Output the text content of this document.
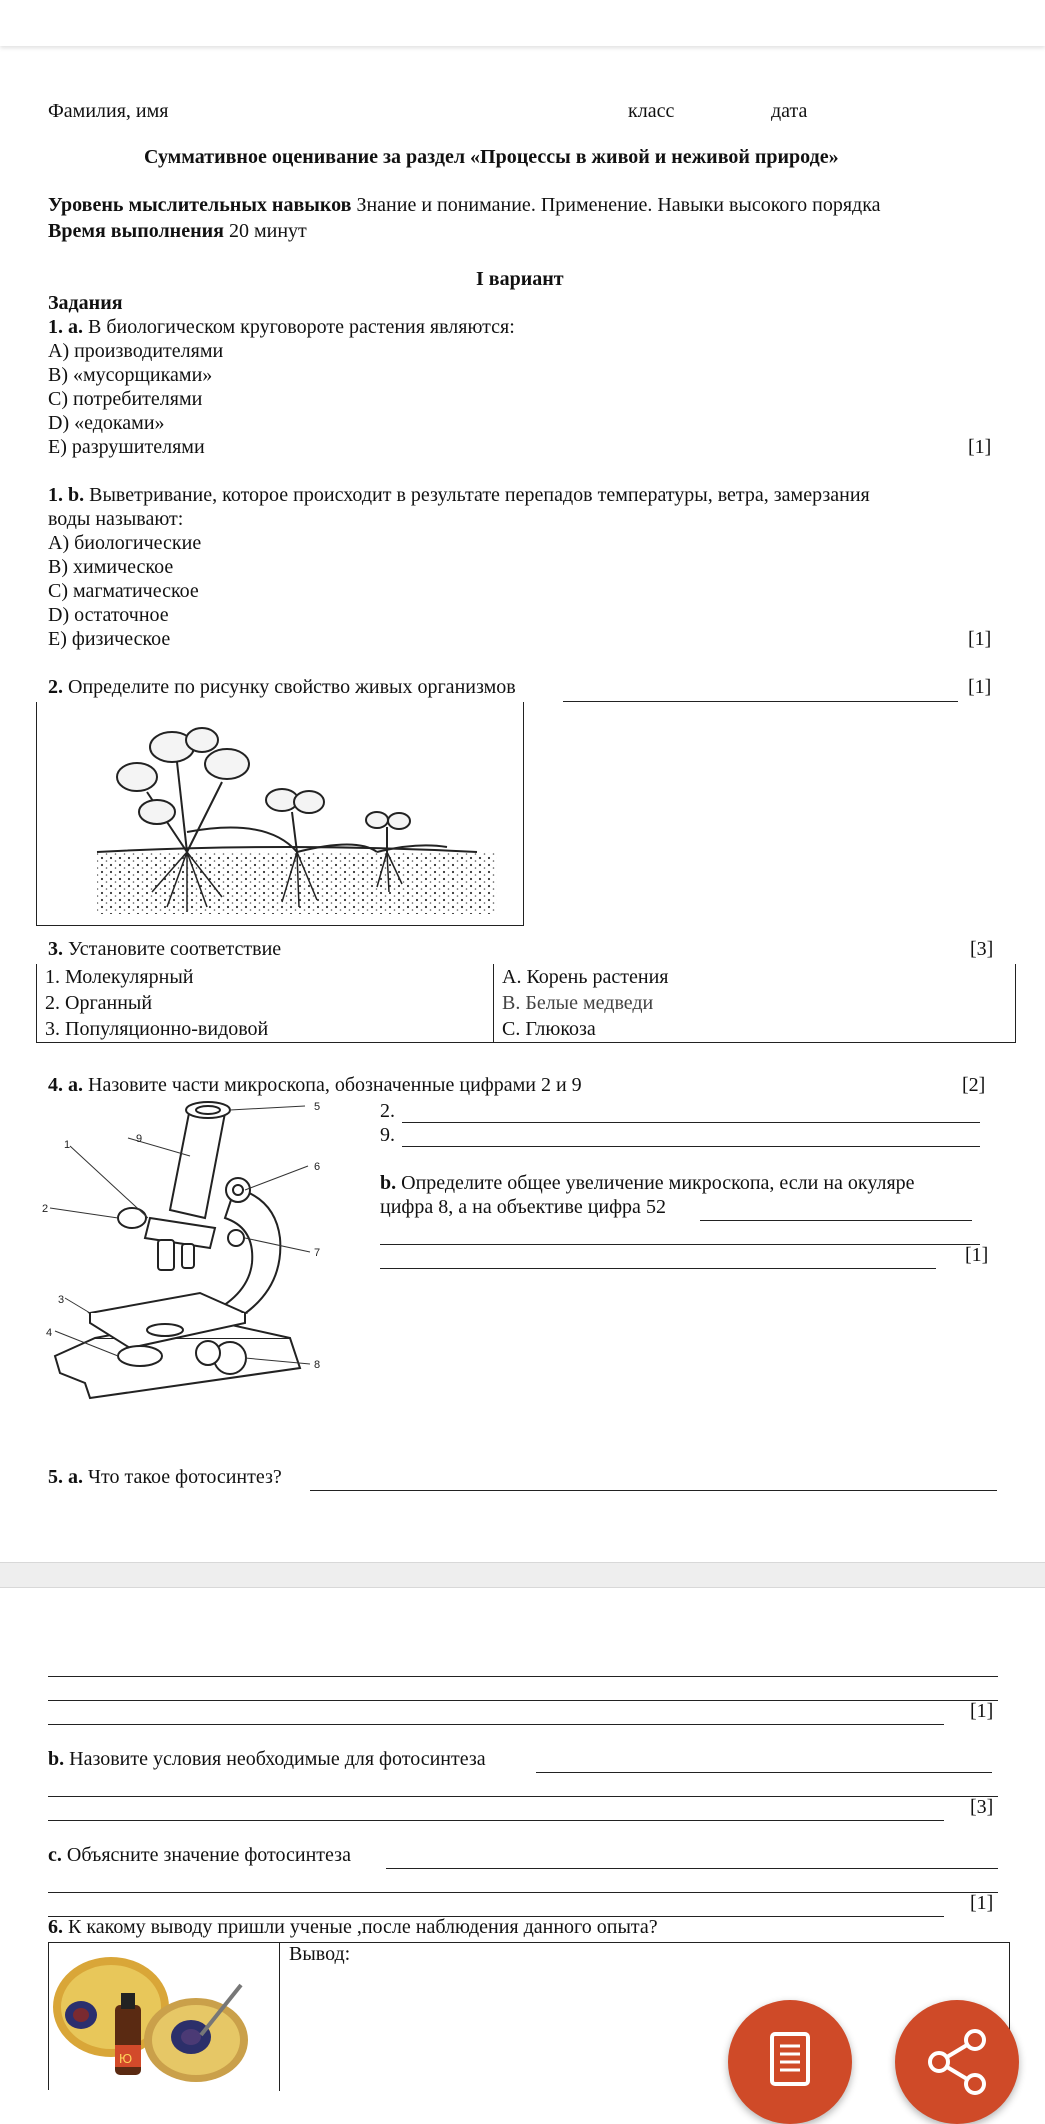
Фамилия, имя	класс	дата
Суммативное оценивание за раздел «Процессы в живой и неживой природе»
Уровень мыслительных навыков Знание и понимание. Применение. Навыки высокого порядка
Время выполнения 20 минут
I вариант
Задания
1. а. В биологическом круговороте растения являются:
A) производителями
B) «мусорщиками»
C) потребителями
D) «едоками»
E) разрушителями	[1]
1. b. Выветривание, которое происходит в результате перепадов температуры, ветра, замерзания
воды называют:
A) биологические
B) химическое
C) магматическое
D) остаточное
E) физическое	[1]
2. Определите по рисунку свойство живых организмов	[1]
3. Установите соответствие	[3]
1. Молекулярный	A. Корень растения
2. Органный	B. Белые медведи
3. Популяционно-видовой	C. Глюкоза
4. а. Назовите части микроскопа, обозначенные цифрами 2 и 9	[2]
2.
9.
b. Определите общее увеличение микроскопа, если на окуляре
цифра 8, а на объективе цифра 52
[1]
1
2
3
4
5
6
7
8
9
5. а. Что такое фотосинтез?
[1]
b. Назовите условия необходимые для фотосинтеза
[3]
c. Объясните значение фотосинтеза
[1]
6. К какому выводу пришли ученые ,после наблюдения данного опыта?
Вывод:
Ю
